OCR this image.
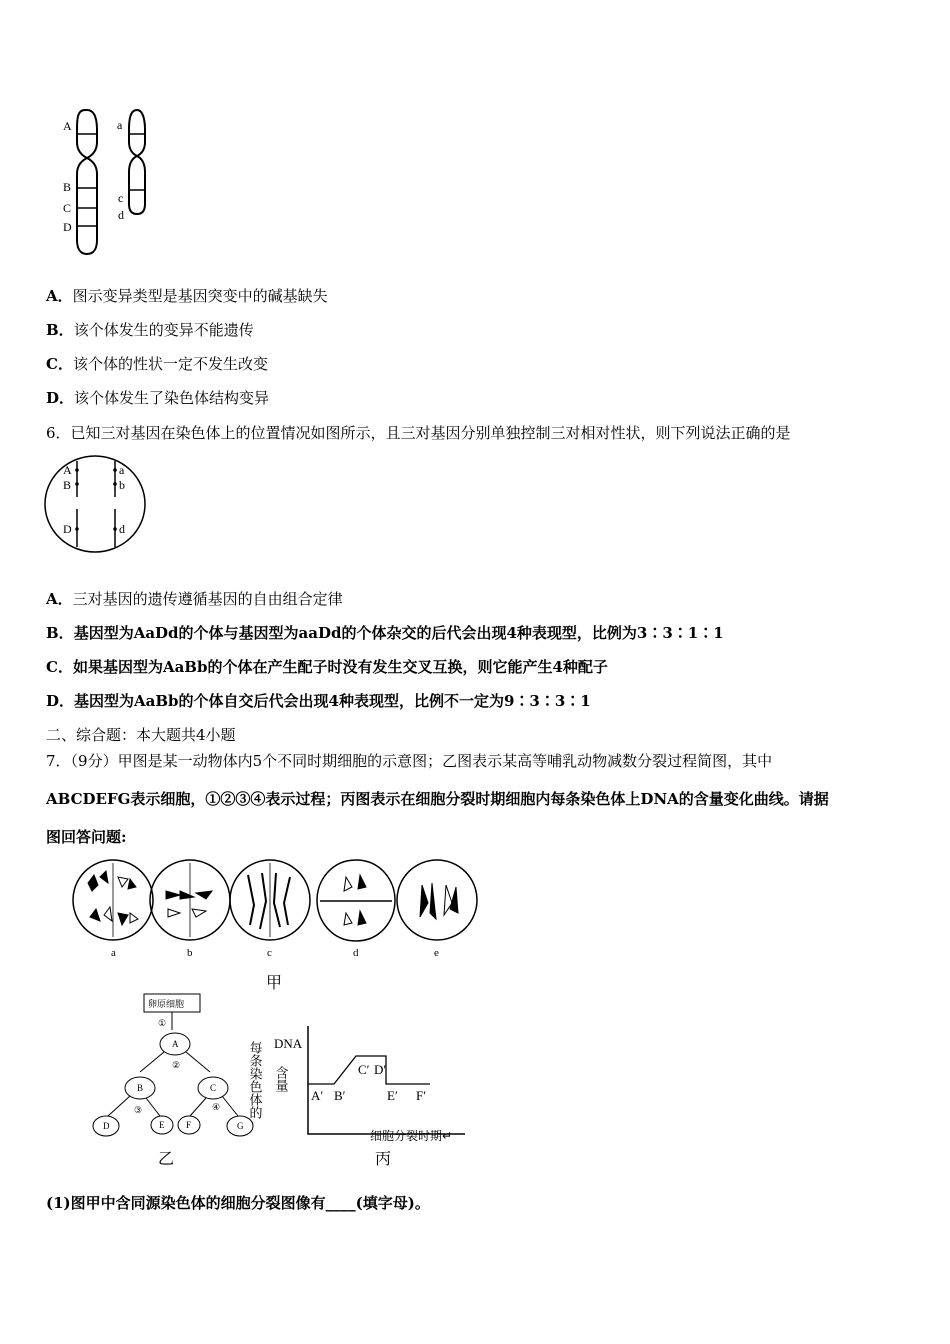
A
B
C
D
a
c
d
A．图示变异类型是基因突变中的碱基缺失
B．该个体发生的变异不能遗传
C．该个体的性状一定不发生改变
D．该个体发生了染色体结构变异
6．已知三对基因在染色体上的位置情况如图所示，且三对基因分别单独控制三对相对性状，则下列说法正确的是
A
B
D
a
b
d
A．三对基因的遗传遵循基因的自由组合定律
B．基因型为AaDd的个体与基因型为aaDd的个体杂交的后代会出现4种表现型，比例为3∶3∶1∶1
C．如果基因型为AaBb的个体在产生配子时没有发生交叉互换，则它能产生4种配子
D．基因型为AaBb的个体自交后代会出现4种表现型，比例不一定为9∶3∶3∶1
二、综合题：本大题共4小题
7．（9分）甲图是某一动物体内5个不同时期细胞的示意图；乙图表示某高等哺乳动物减数分裂过程简图，其中
ABCDEFG表示细胞，①②③④表示过程；丙图表示在细胞分裂时期细胞内每条染色体上DNA的含量变化曲线。请据
图回答问题:
a	b	c	d	e
甲
卵原细胞
A
B	C
D	E F	G
①
②
③	④
乙
每条染色体的 DNA
含量
A′ B′
C′ D′
E′ F′
细胞分裂时期↵
丙
(1)图甲中含同源染色体的细胞分裂图像有____(填字母)。
